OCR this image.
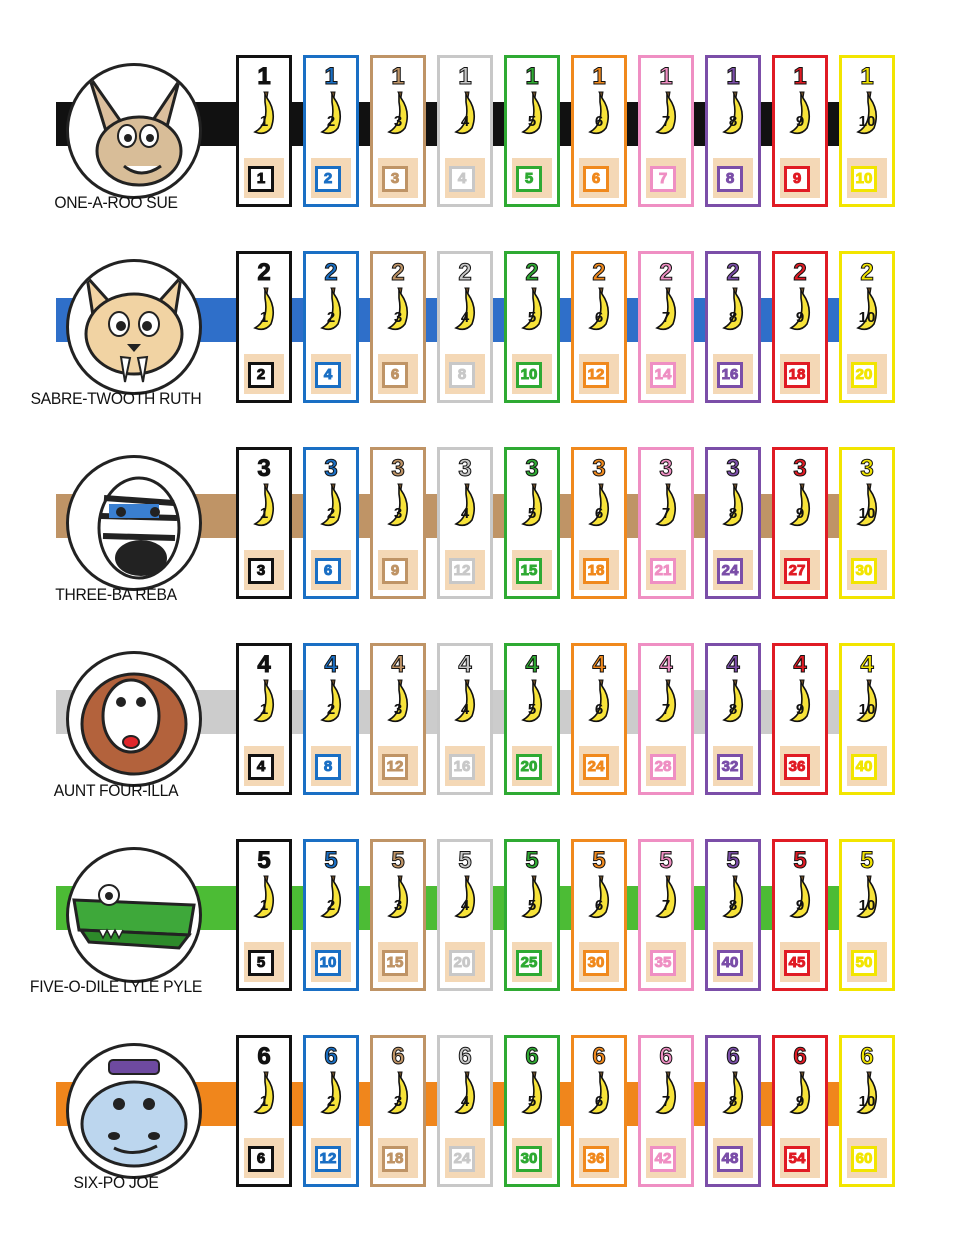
ONE-A-ROO SUE
1
1
1
1
2
2
1
3
3
1
4
4
1
5
5
1
6
6
1
7
7
1
8
8
1
9
9
1
10
10
SABRE-TWOOTH RUTH
2
1
2
2
2
4
2
3
6
2
4
8
2
5
10
2
6
12
2
7
14
2
8
16
2
9
18
2
10
20
THREE-BA REBA
3
1
3
3
2
6
3
3
9
3
4
12
3
5
15
3
6
18
3
7
21
3
8
24
3
9
27
3
10
30
AUNT FOUR-ILLA
4
1
4
4
2
8
4
3
12
4
4
16
4
5
20
4
6
24
4
7
28
4
8
32
4
9
36
4
10
40
FIVE-O-DILE LYLE PYLE
5
1
5
5
2
10
5
3
15
5
4
20
5
5
25
5
6
30
5
7
35
5
8
40
5
9
45
5
10
50
SIX-PO JOE
6
1
6
6
2
12
6
3
18
6
4
24
6
5
30
6
6
36
6
7
42
6
8
48
6
9
54
6
10
60
